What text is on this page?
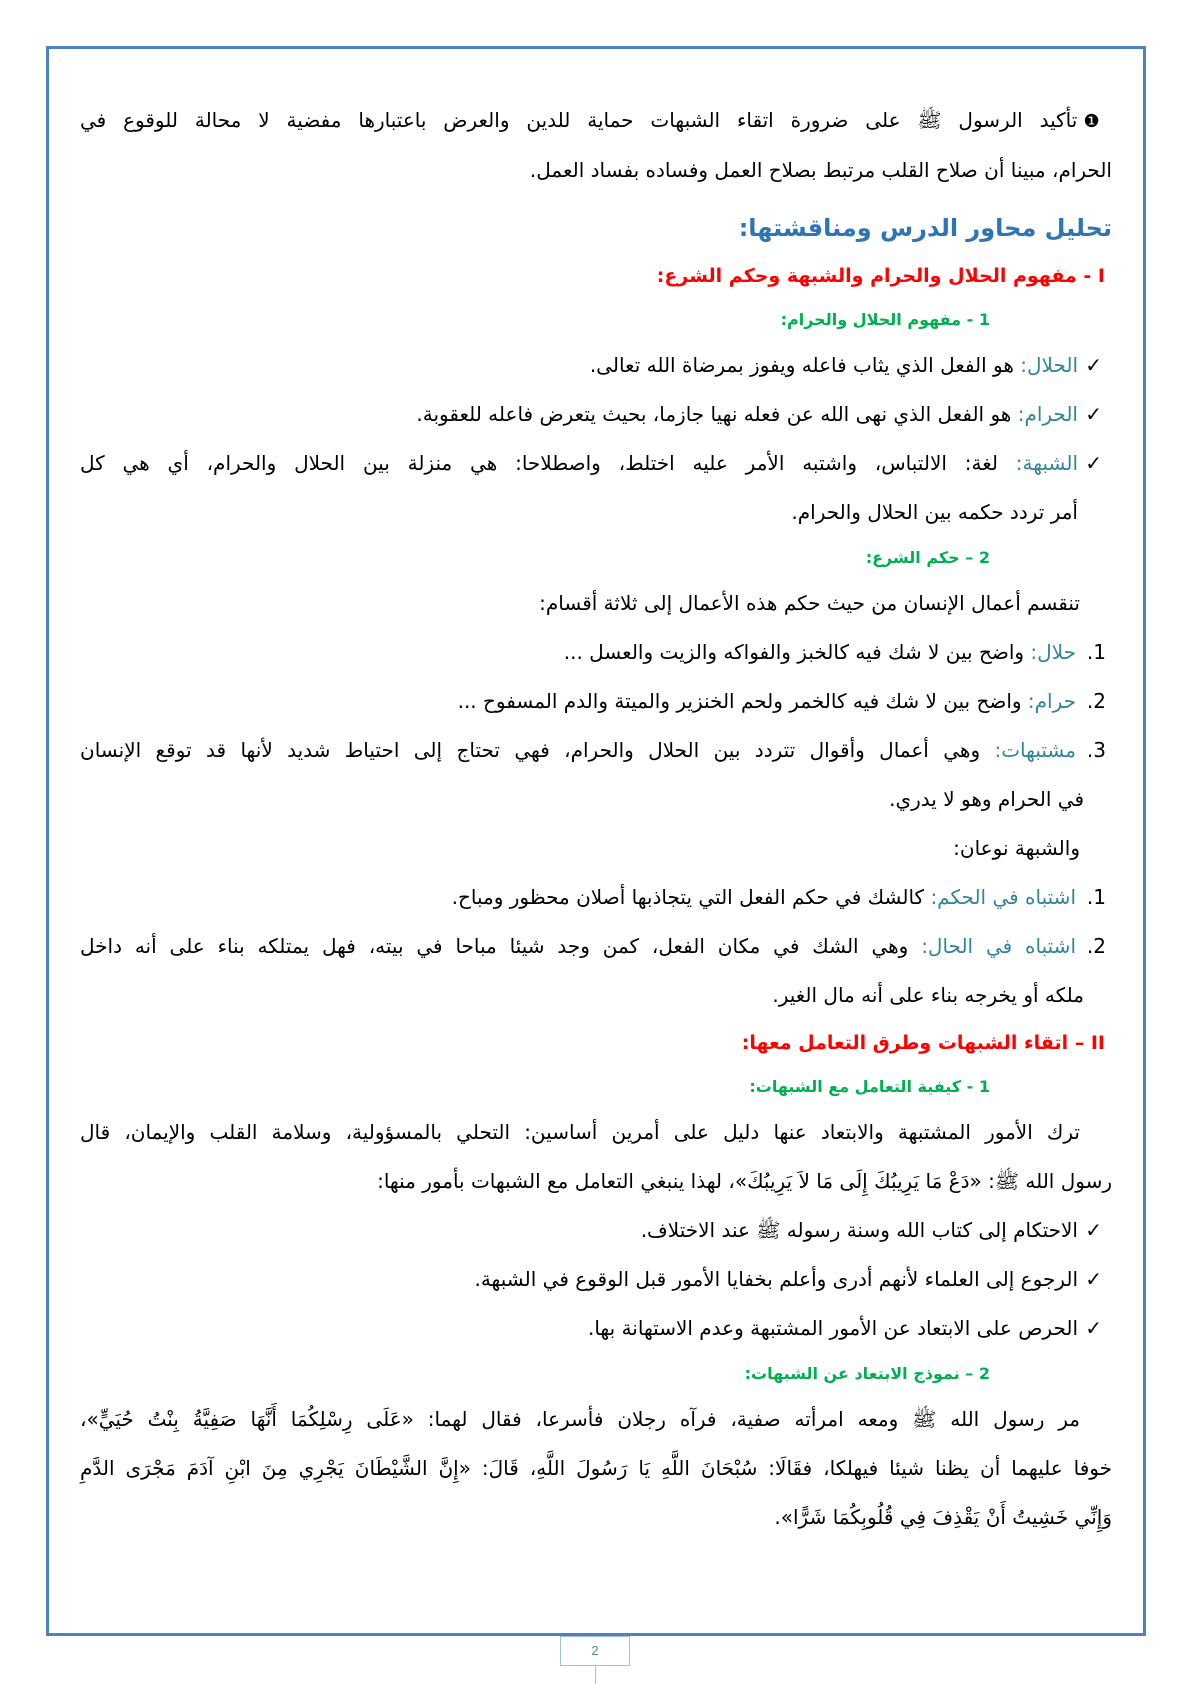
❶تأكيد الرسول ﷺ على ضرورة اتقاء الشبهات حماية للدين والعرض باعتبارها مفضية لا محالة للوقوع في
الحرام، مبينا أن صلاح القلب مرتبط بصلاح العمل وفساده بفساد العمل.
تحليل محاور الدرس ومناقشتها:
I - مفهوم الحلال والحرام والشبهة وحكم الشرع:
1 - مفهوم الحلال والحرام:
✓
الحلال: هو الفعل الذي يثاب فاعله ويفوز بمرضاة الله تعالى.
✓
الحرام: هو الفعل الذي نهى الله عن فعله نهيا جازما، بحيث يتعرض فاعله للعقوبة.
✓
الشبهة: لغة: الالتباس، واشتبه الأمر عليه اختلط، واصطلاحا: هي منزلة بين الحلال والحرام، أي هي كل
أمر تردد حكمه بين الحلال والحرام.
2 – حكم الشرع:
تنقسم أعمال الإنسان من حيث حكم هذه الأعمال إلى ثلاثة أقسام:
1.
حلال: واضح بين لا شك فيه كالخبز والفواكه والزيت والعسل ...
2.
حرام: واضح بين لا شك فيه كالخمر ولحم الخنزير والميتة والدم المسفوح ...
3.
مشتبهات: وهي أعمال وأقوال تتردد بين الحلال والحرام، فهي تحتاج إلى احتياط شديد لأنها قد توقع الإنسان
في الحرام وهو لا يدري.
والشبهة نوعان:
1.
اشتباه في الحكم: كالشك في حكم الفعل التي يتجاذبها أصلان محظور ومباح.
2.
اشتباه في الحال: وهي الشك في مكان الفعل، كمن وجد شيئا مباحا في بيته، فهل يمتلكه بناء على أنه داخل
ملكه أو يخرجه بناء على أنه مال الغير.
II – اتقاء الشبهات وطرق التعامل معها:
1 - كيفية التعامل مع الشبهات:
ترك الأمور المشتبهة والابتعاد عنها دليل على أمرين أساسين: التحلي بالمسؤولية، وسلامة القلب والإيمان، قال
رسول الله ﷺ: «دَعْ مَا يَرِيبُكَ إِلَى مَا لاَ يَرِيبُكَ»، لهذا ينبغي التعامل مع الشبهات بأمور منها:
✓
الاحتكام إلى كتاب الله وسنة رسوله ﷺ عند الاختلاف.
✓
الرجوع إلى العلماء لأنهم أدرى وأعلم بخفايا الأمور قبل الوقوع في الشبهة.
✓
الحرص على الابتعاد عن الأمور المشتبهة وعدم الاستهانة بها.
2 – نموذج الابتعاد عن الشبهات:
مر رسول الله ﷺ ومعه امرأته صفية، فرآه رجلان فأسرعا، فقال لهما: «عَلَى رِسْلِكُمَا أَنَّهَا صَفِيَّةُ بِنْتُ حُيَيٍّ»،
خوفا عليهما أن يظنا شيئا فيهلكا، فقَالَا: سُبْحَانَ اللَّهِ يَا رَسُولَ اللَّهِ، قَالَ: «إِنَّ الشَّيْطَانَ يَجْرِي مِنَ ابْنِ آدَمَ مَجْرَى الدَّمِ
وَإِنِّي خَشِيتُ أَنْ يَقْذِفَ فِي قُلُوبِكُمَا شَرًّا».
2
